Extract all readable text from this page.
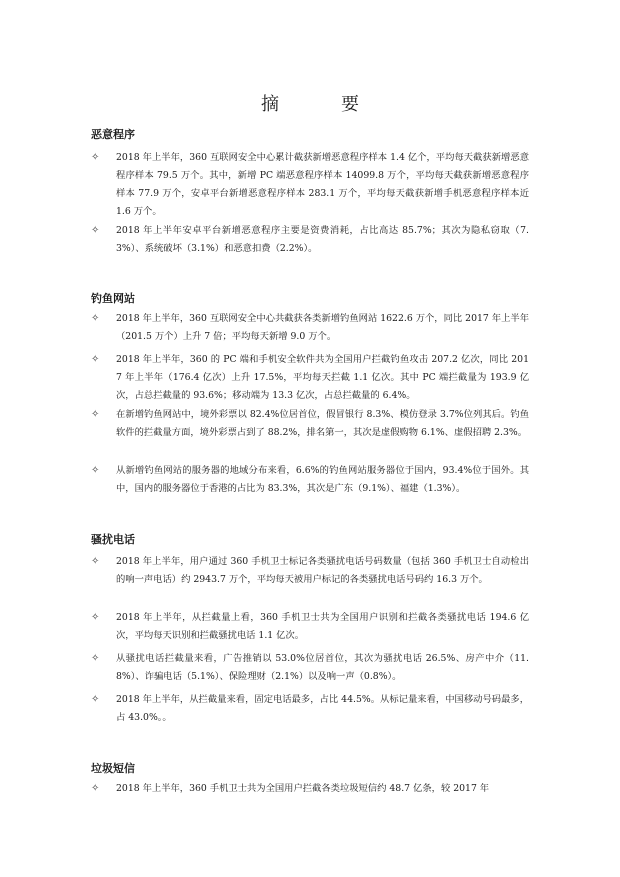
摘　要
恶意程序
✧	2018 年上半年，360 互联网安全中心累计截获新增恶意程序样本 1.4 亿个，平均每天截获新增恶意程序样本 79.5 万个。其中，新增 PC 端恶意程序样本 14099.8 万个，平均每天截获新增恶意程序样本 77.9 万个，安卓平台新增恶意程序样本 283.1 万个，平均每天截获新增手机恶意程序样本近 1.6 万个。

✧	2018 年上半年安卓平台新增恶意程序主要是资费消耗，占比高达 85.7%；其次为隐私窃取（7.3%）、系统破坏（3.1%）和恶意扣费（2.2%）。

钓鱼网站
✧	2018 年上半年，360 互联网安全中心共截获各类新增钓鱼网站 1622.6 万个，同比 2017 年上半年（201.5 万个）上升 7 倍；平均每天新增 9.0 万个。

✧	2018 年上半年，360 的 PC 端和手机安全软件共为全国用户拦截钓鱼攻击 207.2 亿次，同比 2017 年上半年（176.4 亿次）上升 17.5%，平均每天拦截 1.1 亿次。其中 PC 端拦截量为 193.9 亿次，占总拦截量的 93.6%；移动端为 13.3 亿次，占总拦截量的 6.4%。

✧	在新增钓鱼网站中，境外彩票以 82.4%位居首位，假冒银行 8.3%、模仿登录 3.7%位列其后。钓鱼软件的拦截量方面，境外彩票占到了 88.2%，排名第一，其次是虚假购物 6.1%、虚假招聘 2.3%。

✧	从新增钓鱼网站的服务器的地域分布来看，6.6%的钓鱼网站服务器位于国内，93.4%位于国外。其中，国内的服务器位于香港的占比为 83.3%，其次是广东（9.1%）、福建（1.3%）。

骚扰电话
✧	2018 年上半年，用户通过 360 手机卫士标记各类骚扰电话号码数量（包括 360 手机卫士自动检出的响一声电话）约 2943.7 万个，平均每天被用户标记的各类骚扰电话号码约 16.3 万个。

✧	2018 年上半年，从拦截量上看，360 手机卫士共为全国用户识别和拦截各类骚扰电话 194.6 亿次，平均每天识别和拦截骚扰电话 1.1 亿次。

✧	从骚扰电话拦截量来看，广告推销以 53.0%位居首位，其次为骚扰电话 26.5%、房产中介（11.8%）、诈骗电话（5.1%）、保险理财（2.1%）以及响一声（0.8%）。

✧	2018 年上半年，从拦截量来看，固定电话最多，占比 44.5%。从标记量来看，中国移动号码最多，占 43.0%。。

垃圾短信
✧	2018 年上半年，360 手机卫士共为全国用户拦截各类垃圾短信约 48.7 亿条，较 2017 年
